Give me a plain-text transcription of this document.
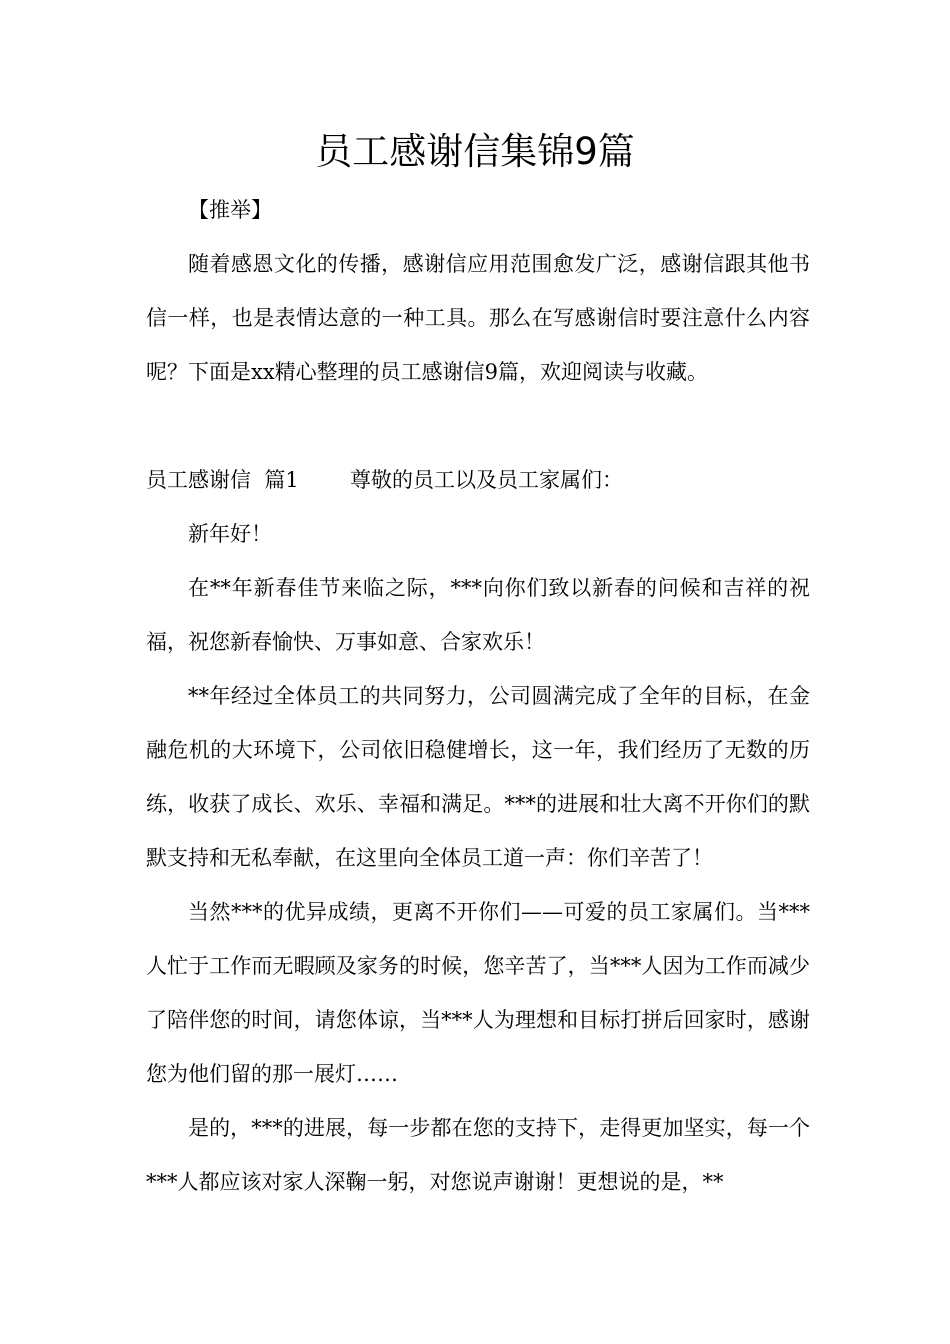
员工感谢信集锦9篇

【推举】

随着感恩文化的传播，感谢信应用范围愈发广泛，感谢信跟其他书信一样，也是表情达意的一种工具。那么在写感谢信时要注意什么内容呢？下面是xx精心整理的员工感谢信9篇，欢迎阅读与收藏。

员工感谢信  篇1 尊敬的员工以及员工家属们：

新年好！

在**年新春佳节来临之际，***向你们致以新春的问候和吉祥的祝福，祝您新春愉快、万事如意、合家欢乐！

**年经过全体员工的共同努力，公司圆满完成了全年的目标，在金融危机的大环境下，公司依旧稳健增长，这一年，我们经历了无数的历练，收获了成长、欢乐、幸福和满足。***的进展和壮大离不开你们的默默支持和无私奉献，在这里向全体员工道一声：你们辛苦了！

当然***的优异成绩，更离不开你们——可爱的员工家属们。当***人忙于工作而无暇顾及家务的时候，您辛苦了，当***人因为工作而减少了陪伴您的时间，请您体谅，当***人为理想和目标打拼后回家时，感谢您为他们留的那一展灯……

是的，***的进展，每一步都在您的支持下，走得更加坚实，每一个***人都应该对家人深鞠一躬，对您说声谢谢！更想说的是，**
